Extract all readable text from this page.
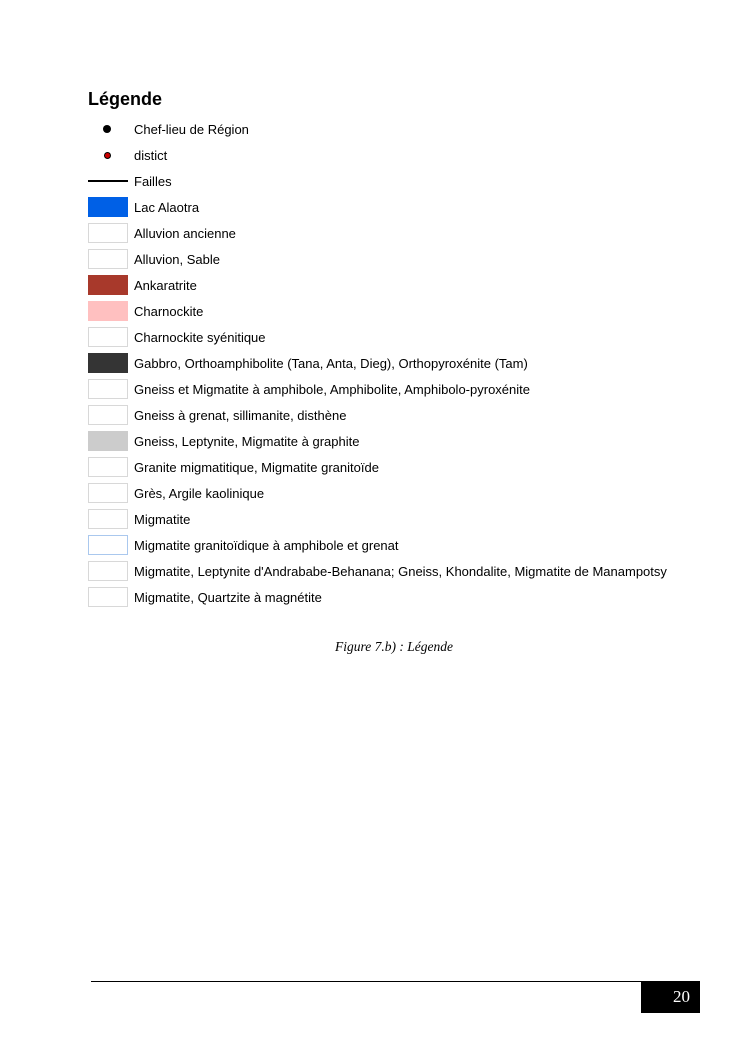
Légende
Chef-lieu de Région
distict
Failles
Lac Alaotra
Alluvion ancienne
Alluvion, Sable
Ankaratrite
Charnockite
Charnockite syénitique
Gabbro, Orthoamphibolite (Tana, Anta, Dieg), Orthopyroxénite (Tam)
Gneiss et Migmatite à amphibole, Amphibolite, Amphibolo-pyroxénite
Gneiss à grenat, sillimanite, disthène
Gneiss, Leptynite, Migmatite à graphite
Granite migmatitique, Migmatite granitoïde
Grès, Argile kaolinique
Migmatite
Migmatite granitoïdique à amphibole et grenat
Migmatite, Leptynite d'Andrababe-Behanana; Gneiss, Khondalite, Migmatite de Manampotsy
Migmatite, Quartzite à magnétite
Figure 7.b) : Légende
20
